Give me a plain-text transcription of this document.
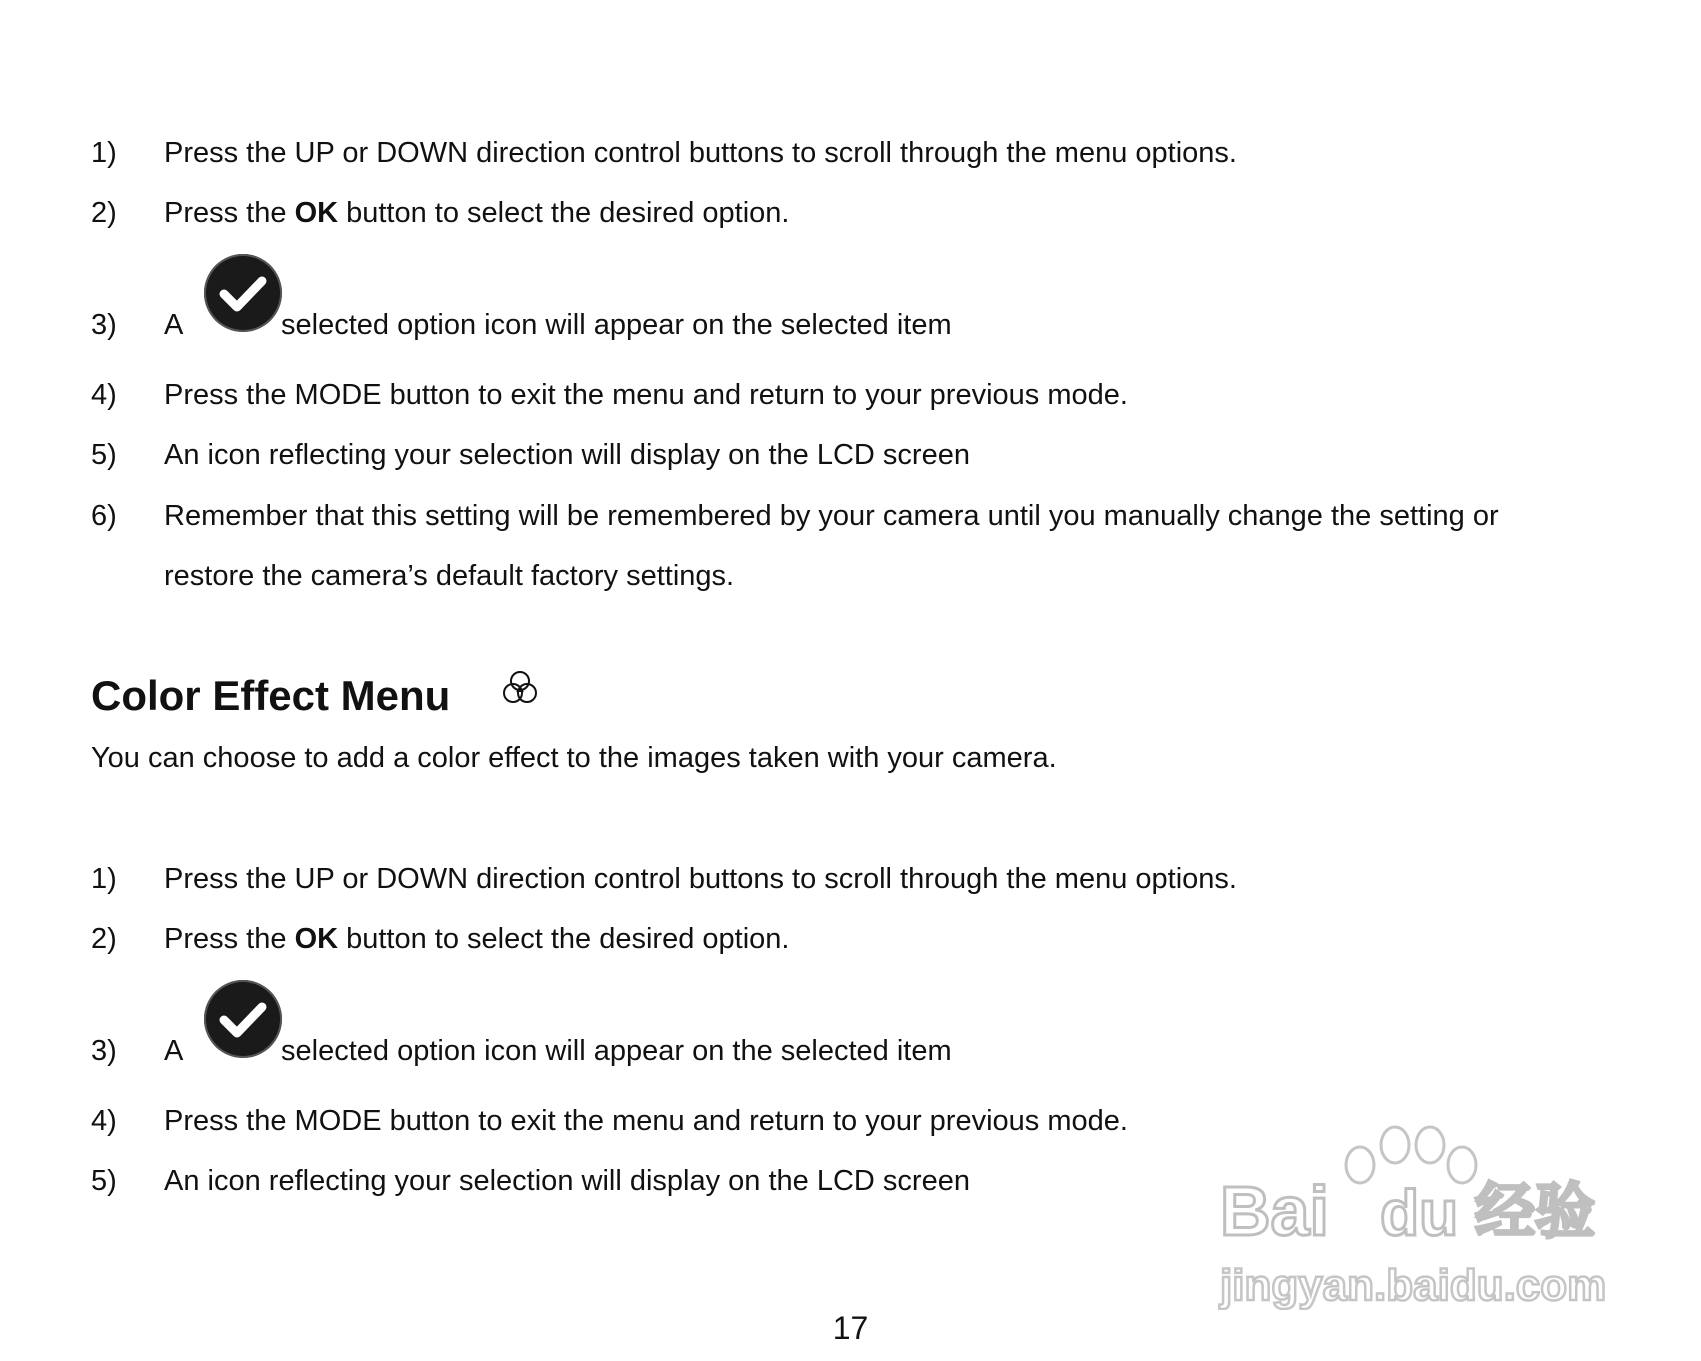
1) Press the UP or DOWN direction control buttons to scroll through the menu options.
2) Press the OK button to select the desired option.
3) A	selected option icon will appear on the selected item
4) Press the MODE button to exit the menu and return to your previous mode.
5) An icon reflecting your selection will display on the LCD screen
6) Remember that this setting will be remembered by your camera until you manually change the setting or
restore the camera’s default factory settings.
Color Effect Menu
You can choose to add a color effect to the images taken with your camera.
1) Press the UP or DOWN direction control buttons to scroll through the menu options.
2) Press the OK button to select the desired option.
3) A	selected option icon will appear on the selected item
4) Press the MODE button to exit the menu and return to your previous mode.
5) An icon reflecting your selection will display on the LCD screen	Bai du 经验
jingyan.baidu.com
17
